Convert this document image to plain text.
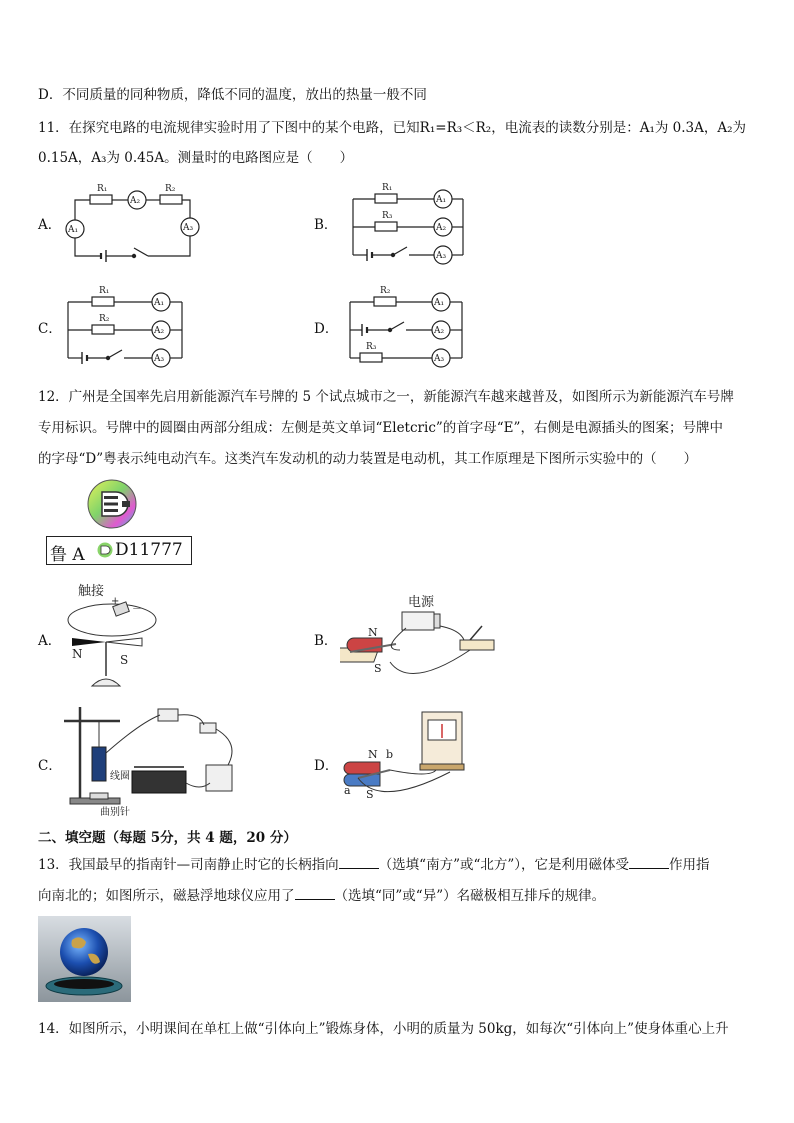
D．不同质量的同种物质，降低不同的温度，放出的热量一般不同
11．在探究电路的电流规律实验时用了下图中的某个电路，已知R₁=R₃＜R₂，电流表的读数分别是：A₁为 0.3A，A₂为
0.15A，A₃为 0.45A。测量时的电路图应是（　　）
A．	B．
C．	D．
R₁	R₂
A₂
A₃
A₁
R₁
R₃
A₁
A₂
A₃
R₁
R₂
A₁
A₂
A₃
R₂
R₃
A₁
A₂
A₃
12．广州是全国率先启用新能源汽车号牌的 5 个试点城市之一，新能源汽车越来越普及，如图所示为新能源汽车号牌
专用标识。号牌中的圆圈由两部分组成：左侧是英文单词“Eletcric”的首字母“E”，右侧是电源插头的图案；号牌中
的字母“D”粤表示纯电动汽车。这类汽车发动机的动力装置是电动机，其工作原理是下图所示实验中的（　　）
鲁 A D11777
A．	B．
C．	D．
触接
+
－
N	S
电源
N
S
线圈
曲别针
N b
S
a
二、填空题（每题 5分，共 4 题，20 分）
13．我国最早的指南针—司南静止时它的长柄指向	（选填“南方”或“北方”），它是利用磁体受	作用指
向南北的；如图所示，磁悬浮地球仪应用了	（选填“同”或“异”）名磁极相互排斥的规律。
14．如图所示，小明课间在单杠上做“引体向上”锻炼身体，小明的质量为 50kg，如每次“引体向上”使身体重心上升
